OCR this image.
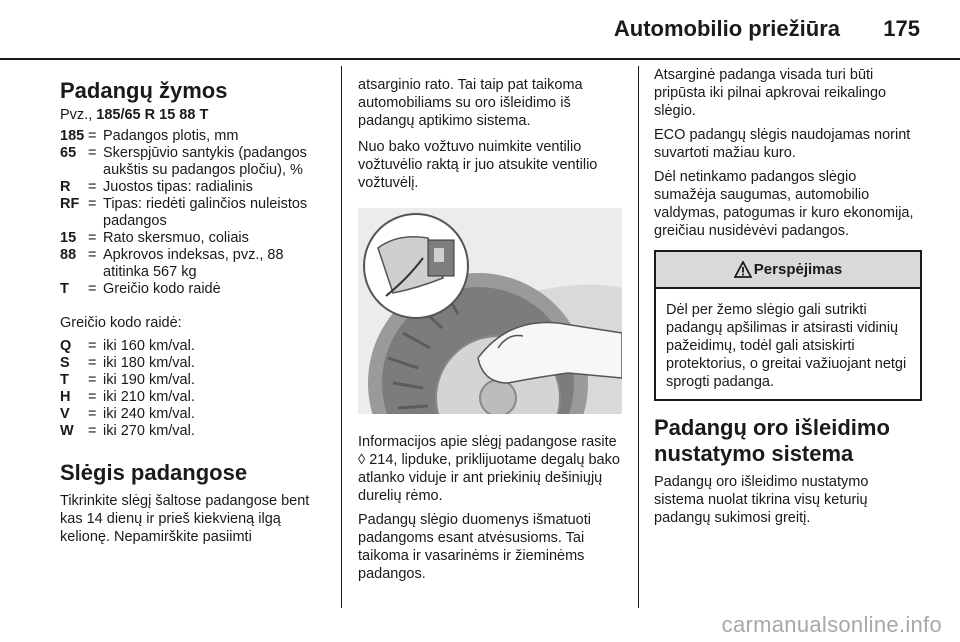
Automobilio priežiūra 175
Padangų žymos
Pvz., 185/65 R 15 88 T
185 = Padangos plotis, mm
65 = Skerspjūvio santykis (padangos aukštis su padangos pločiu), %
R	= Juostos tipas: radialinis
RF = Tipas: riedėti galinčios nuleistos padangos
15 = Rato skersmuo, coliais
88 = Apkrovos indeksas, pvz., 88 atitinka 567 kg
T	= Greičio kodo raidė

Greičio kodo raidė:

Q	= iki 160 km/val.
S	= iki 180 km/val.
T	= iki 190 km/val.
H	= iki 210 km/val.
V	= iki 240 km/val.
W = iki 270 km/val.
Slėgis padangose

Tikrinkite slėgį šaltose padangose bent kas 14 dienų ir prieš kiekvieną ilgą kelionę. Nepamirškite pasiimti

atsarginio rato. Tai taip pat taikoma automobiliams su oro išleidimo iš padangų aptikimo sistema.

Nuo bako vožtuvo nuimkite ventilio vožtuvėlio raktą ir juo atsukite ventilio vožtuvėlį.

Informacijos apie slėgį padangose rasite ◊ 214, lipduke, priklijuotame degalų bako atlanko viduje ir ant priekinių dešiniųjų durelių rėmo.

Padangų slėgio duomenys išmatuoti padangoms esant atvėsusioms. Tai taikoma ir vasarinėms ir žieminėms padangos.

Atsarginė padanga visada turi būti pripūsta iki pilnai apkrovai reikalingo slėgio.

ECO padangų slėgis naudojamas norint suvartoti mažiau kuro.

Dėl netinkamo padangos slėgio sumažėja saugumas, automobilio valdymas, patogumas ir kuro ekonomija, greičiau nusidėvėvi padangos.

Perspėjimas
Dėl per žemo slėgio gali sutrikti padangų apšilimas ir atsirasti vidinių pažeidimų, todėl gali atsiskirti protektorius, o greitai važiuojant netgi sprogti padanga.
Padangų oro išleidimo nustatymo sistema

Padangų oro išleidimo nustatymo sistema nuolat tikrina visų keturių padangų sukimosi greitį.

carmanualsonline.info
